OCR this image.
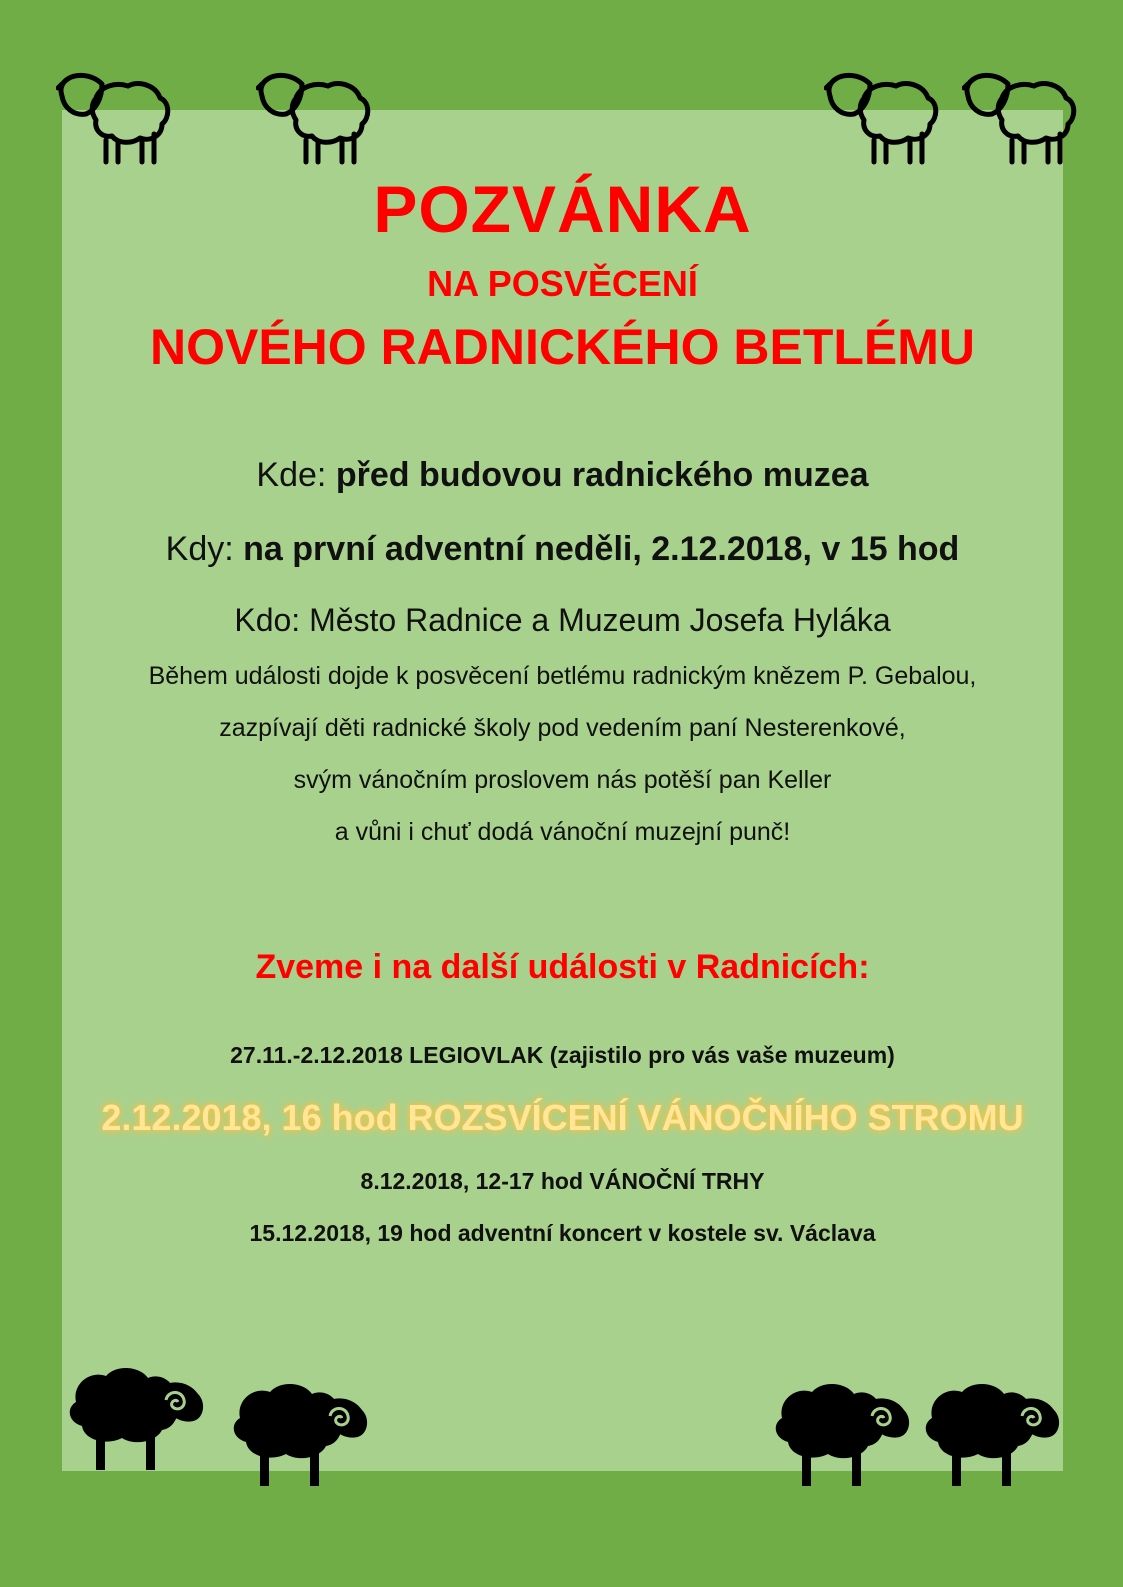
POZVÁNKA
NA POSVĚCENÍ
NOVÉHO RADNICKÉHO BETLÉMU
Kde: před budovou radnického muzea
Kdy: na první adventní neděli, 2.12.2018, v 15 hod
Kdo: Město Radnice a Muzeum Josefa Hyláka
Během události dojde k posvěcení betlému radnickým knězem P. Gebalou,
zazpívají děti radnické školy pod vedením paní Nesterenkové,
svým vánočním proslovem nás potěší pan Keller
a vůni i chuť dodá vánoční muzejní punč!
Zveme i na další události v Radnicích:
27.11.-2.12.2018 LEGIOVLAK (zajistilo pro vás vaše muzeum)
2.12.2018, 16 hod ROZSVÍCENÍ VÁNOČNÍHO STROMU
8.12.2018, 12-17 hod VÁNOČNÍ TRHY
15.12.2018, 19 hod adventní koncert v kostele sv. Václava
